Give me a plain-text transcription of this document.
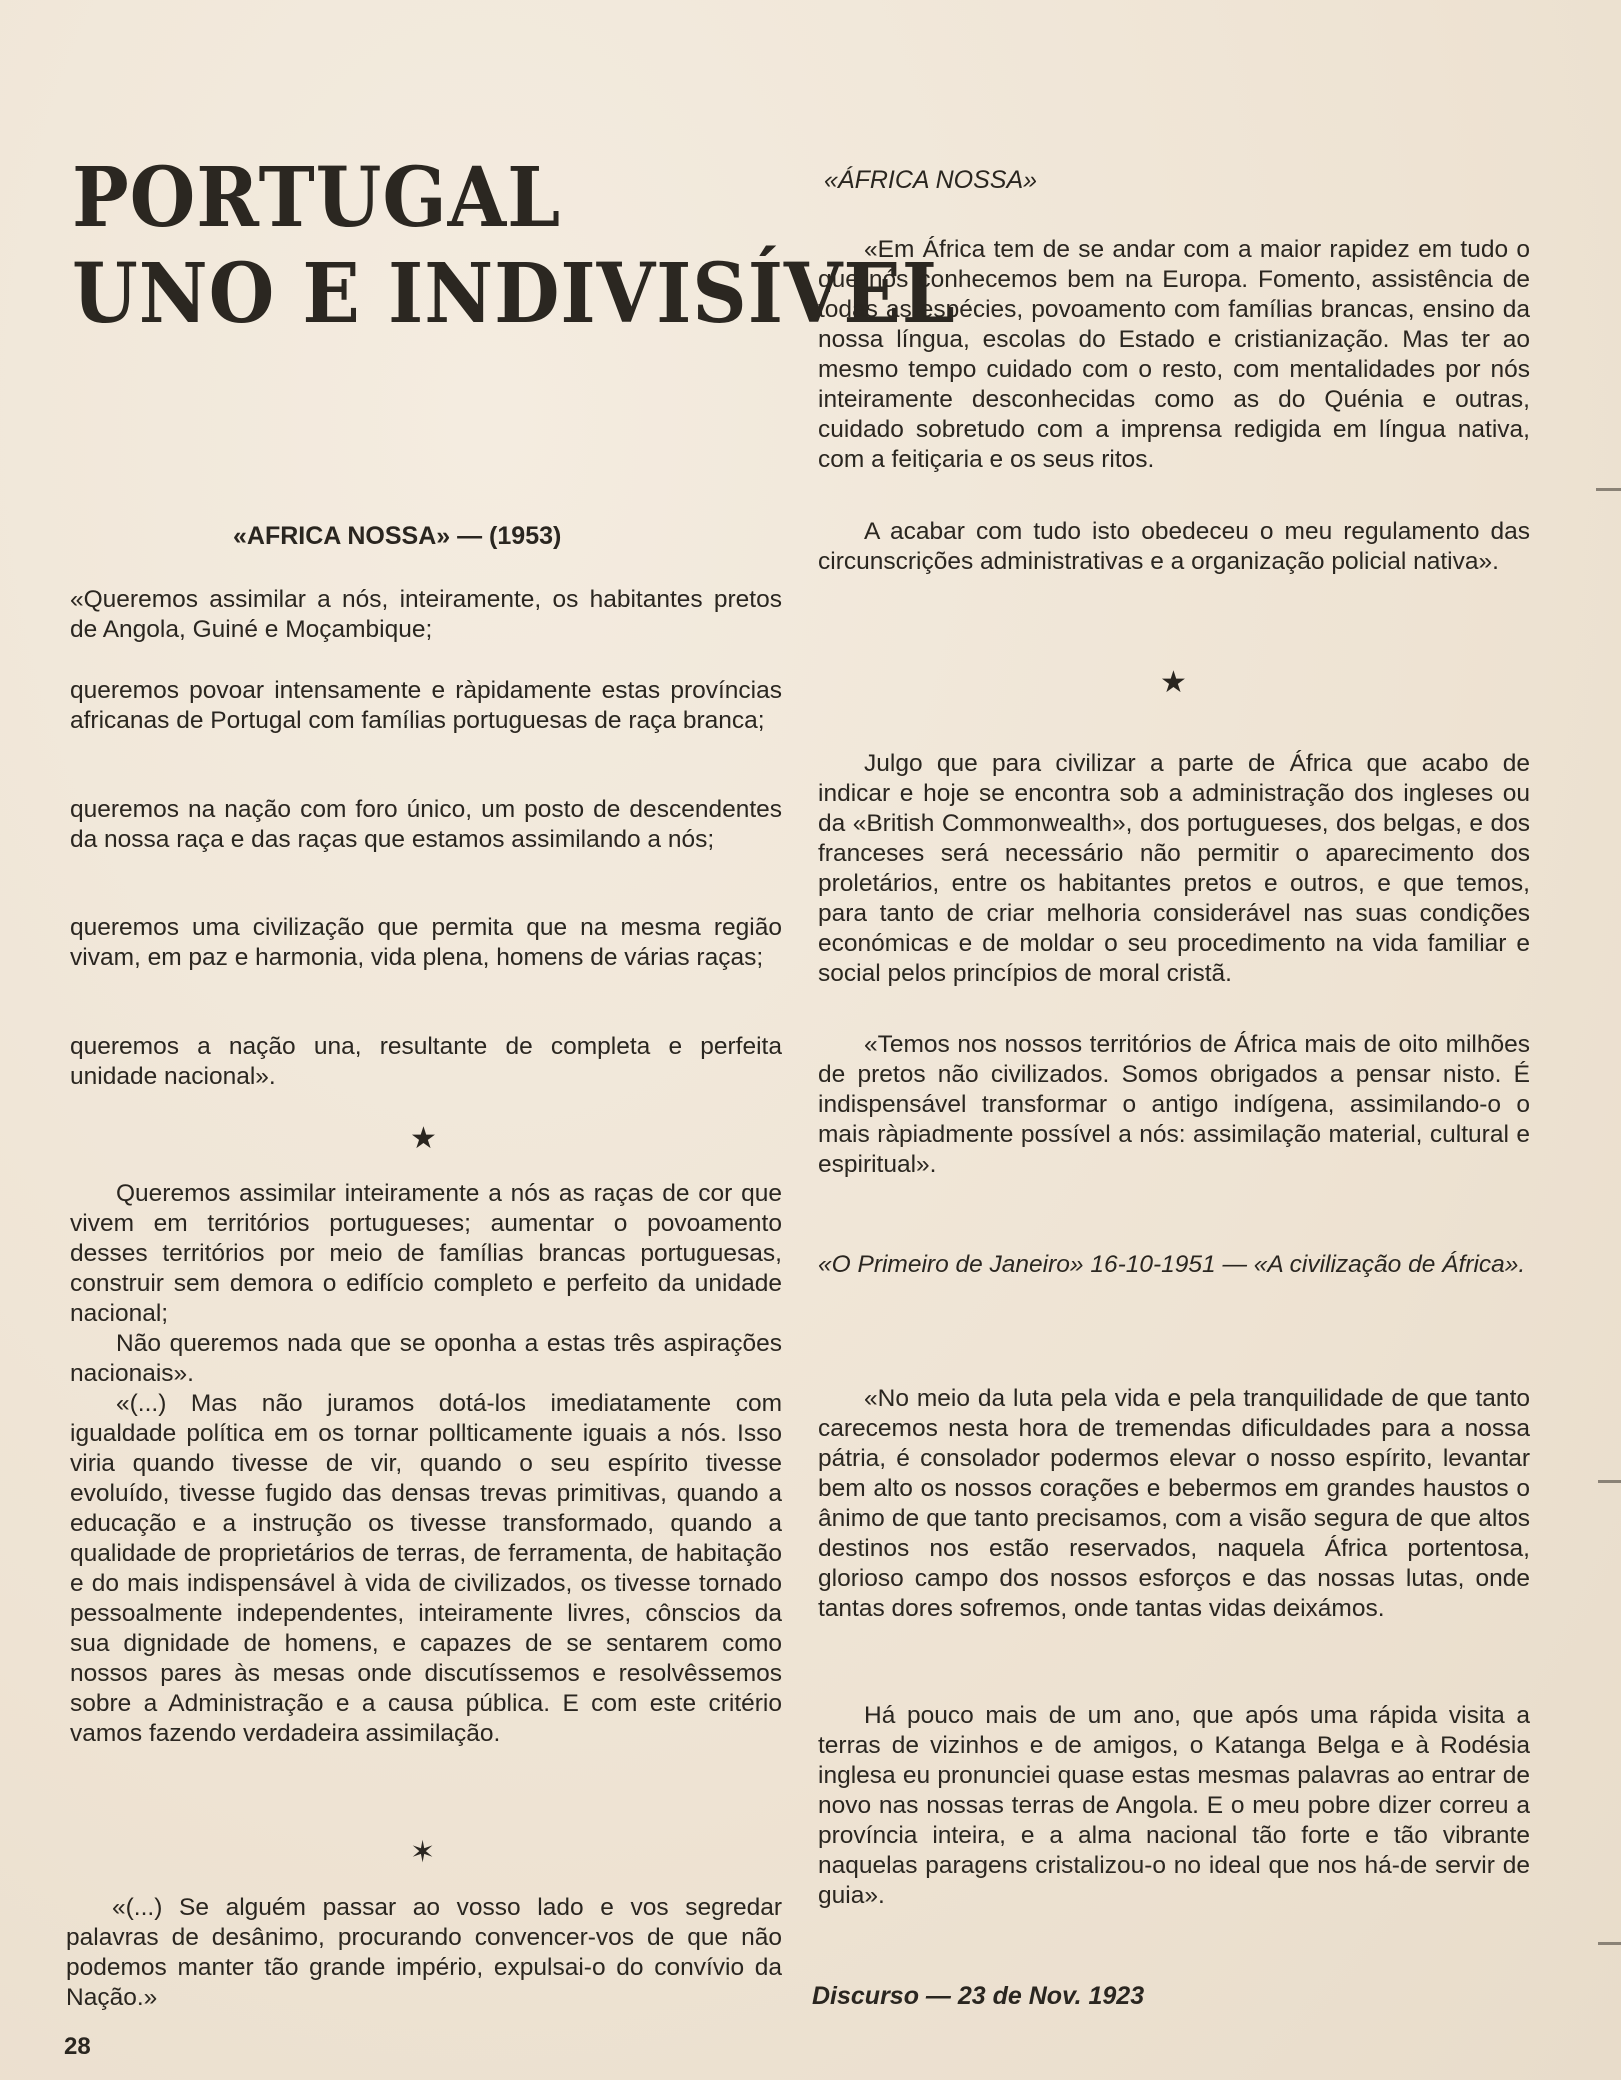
PORTUGAL
UNO E INDIVISÍVEL
«AFRICA NOSSA» — (1953)

«Queremos assimilar a nós, inteiramente, os habitantes pretos de Angola, Guiné e Moçambique;

queremos povoar intensamente e ràpidamente estas províncias africanas de Portugal com famílias portuguesas de raça branca;

queremos na nação com foro único, um posto de descendentes da nossa raça e das raças que estamos assimilando a nós;

queremos uma civilização que permita que na mesma região vivam, em paz e harmonia, vida plena, homens de várias raças;

queremos a nação una, resultante de completa e perfeita unidade nacional».

★

Queremos assimilar inteiramente a nós as raças de cor que vivem em territórios portugueses; aumentar o povoamento desses territórios por meio de famílias brancas portuguesas, construir sem demora o edifício completo e perfeito da unidade nacional;

Não queremos nada que se oponha a estas três aspirações nacionais».

«(...) Mas não juramos dotá-los imediatamente com igualdade política em os tornar pollticamente iguais a nós. Isso viria quando tivesse de vir, quando o seu espírito tivesse evoluído, tivesse fugido das densas trevas primitivas, quando a educação e a instrução os tivesse transformado, quando a qualidade de proprietários de terras, de ferramenta, de habitação e do mais indispensável à vida de civilizados, os tivesse tornado pessoalmente independentes, inteiramente livres, cônscios da sua dignidade de homens, e capazes de se sentarem como nossos pares às mesas onde discutíssemos e resolvêssemos sobre a Administração e a causa pública. E com este critério vamos fazendo verdadeira assimilação.

✶

«(...) Se alguém passar ao vosso lado e vos segredar palavras de desânimo, procurando convencer-vos de que não podemos manter tão grande império, expulsai-o do convívio da Nação.»

28
«ÁFRICA NOSSA»

«Em África tem de se andar com a maior rapidez em tudo o que nós conhecemos bem na Europa. Fomento, assistência de todas as espécies, povoamento com famílias brancas, ensino da nossa língua, escolas do Estado e cristianização. Mas ter ao mesmo tempo cuidado com o resto, com mentalidades por nós inteiramente desconhecidas como as do Quénia e outras, cuidado sobretudo com a imprensa redigida em língua nativa, com a feitiçaria e os seus ritos.

A acabar com tudo isto obedeceu o meu regulamento das circunscrições administrativas e a organização policial nativa».

★

Julgo que para civilizar a parte de África que acabo de indicar e hoje se encontra sob a administração dos ingleses ou da «British Commonwealth», dos portugueses, dos belgas, e dos franceses será necessário não permitir o aparecimento dos proletários, entre os habitantes pretos e outros, e que temos, para tanto de criar melhoria considerável nas suas condições económicas e de moldar o seu procedimento na vida familiar e social pelos princípios de moral cristã.

«Temos nos nossos territórios de África mais de oito milhões de pretos não civilizados. Somos obrigados a pensar nisto. É indispensável transformar o antigo indígena, assimilando-o o mais ràpiadmente possível a nós: assimilação material, cultural e espiritual».

«O Primeiro de Janeiro» 16-10-1951 — «A civilização de África».

«No meio da luta pela vida e pela tranquilidade de que tanto carecemos nesta hora de tremendas dificuldades para a nossa pátria, é consolador podermos elevar o nosso espírito, levantar bem alto os nossos corações e bebermos em grandes haustos o ânimo de que tanto precisamos, com a visão segura de que altos destinos nos estão reservados, naquela África portentosa, glorioso campo dos nossos esforços e das nossas lutas, onde tantas dores sofremos, onde tantas vidas deixámos.

Há pouco mais de um ano, que após uma rápida visita a terras de vizinhos e de amigos, o Katanga Belga e à Rodésia inglesa eu pronunciei quase estas mesmas palavras ao entrar de novo nas nossas terras de Angola. E o meu pobre dizer correu a província inteira, e a alma nacional tão forte e tão vibrante naquelas paragens cristalizou-o no ideal que nos há-de servir de guia».

Discurso — 23 de Nov. 1923
